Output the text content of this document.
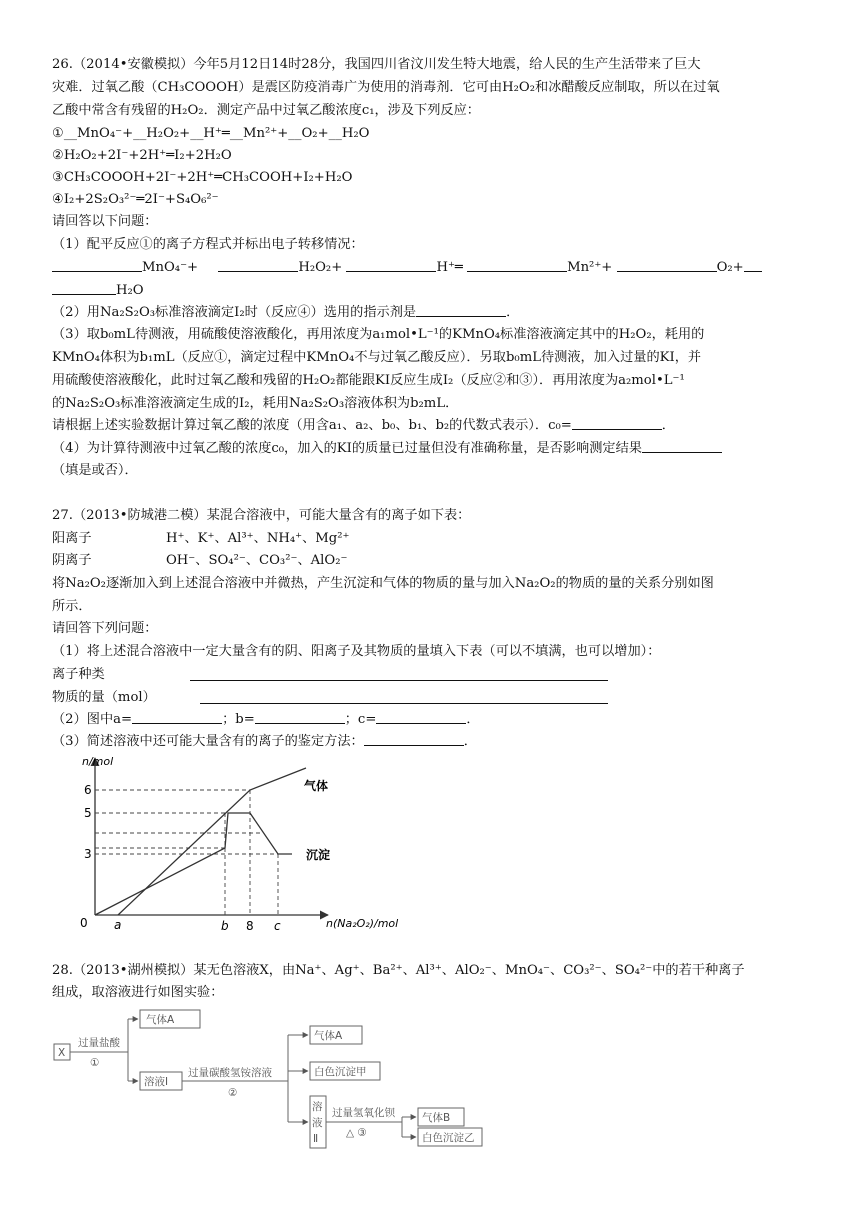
26.（2014•安徽模拟）今年5月12日14时28分，我国四川省汶川发生特大地震，给人民的生产生活带来了巨大
灾难．过氧乙酸（CH₃COOOH）是震区防疫消毒广为使用的消毒剂．它可由H₂O₂和冰醋酸反应制取，所以在过氧
乙酸中常含有残留的H₂O₂．测定产品中过氧乙酸浓度c₁，涉及下列反应：
①__MnO₄⁻+__H₂O₂+__H⁺═__Mn²⁺+__O₂+__H₂O
②H₂O₂+2I⁻+2H⁺═I₂+2H₂O
③CH₃COOOH+2I⁻+2H⁺═CH₃COOH+I₂+H₂O
④I₂+2S₂O₃²⁻═2I⁻+S₄O₆²⁻
请回答以下问题：
（1）配平反应①的离子方程式并标出电子转移情况：
MnO₄⁻+	H₂O₂+	H⁺═	Mn²⁺+	O₂+
H₂O
（2）用Na₂S₂O₃标准溶液滴定I₂时（反应④）选用的指示剂是	．
（3）取b₀mL待测液，用硫酸使溶液酸化，再用浓度为a₁mol•L⁻¹的KMnO₄标准溶液滴定其中的H₂O₂，耗用的
KMnO₄体积为b₁mL（反应①，滴定过程中KMnO₄不与过氧乙酸反应）．另取b₀mL待测液，加入过量的KI，并
用硫酸使溶液酸化，此时过氧乙酸和残留的H₂O₂都能跟KI反应生成I₂（反应②和③）．再用浓度为a₂mol•L⁻¹
的Na₂S₂O₃标准溶液滴定生成的I₂，耗用Na₂S₂O₃溶液体积为b₂mL．
请根据上述实验数据计算过氧乙酸的浓度（用含a₁、a₂、b₀、b₁、b₂的代数式表示）．c₀=	．
（4）为计算待测液中过氧乙酸的浓度c₀，加入的KI的质量已过量但没有准确称量，是否影响测定结果
（填是或否）．
27.（2013•防城港二模）某混合溶液中，可能大量含有的离子如下表：
阳离子	H⁺、K⁺、Al³⁺、NH₄⁺、Mg²⁺
阴离子	OH⁻、SO₄²⁻、CO₃²⁻、AlO₂⁻
将Na₂O₂逐渐加入到上述混合溶液中并微热，产生沉淀和气体的物质的量与加入Na₂O₂的物质的量的关系分别如图
所示．
请回答下列问题：
（1）将上述混合溶液中一定大量含有的阴、阳离子及其物质的量填入下表（可以不填满，也可以增加）：
离子种类
物质的量（mol）
（2）图中a=	；b=	；c=	．
（3）简述溶液中还可能大量含有的离子的鉴定方法：	．
n/mol
6
5
3
0 a	b 8 c	n(Na₂O₂)/mol
气体
沉淀
28.（2013•湖州模拟）某无色溶液X，由Na⁺、Ag⁺、Ba²⁺、Al³⁺、AlO₂⁻、MnO₄⁻、CO₃²⁻、SO₄²⁻中的若干种离子
组成，取溶液进行如图实验：
X
过量盐酸
①
气体A
溶液Ⅰ
过量碳酸氢铵溶液
②
气体A
白色沉淀甲
溶
液
Ⅱ
过量氢氧化钡
△ ③
气体B
白色沉淀乙
